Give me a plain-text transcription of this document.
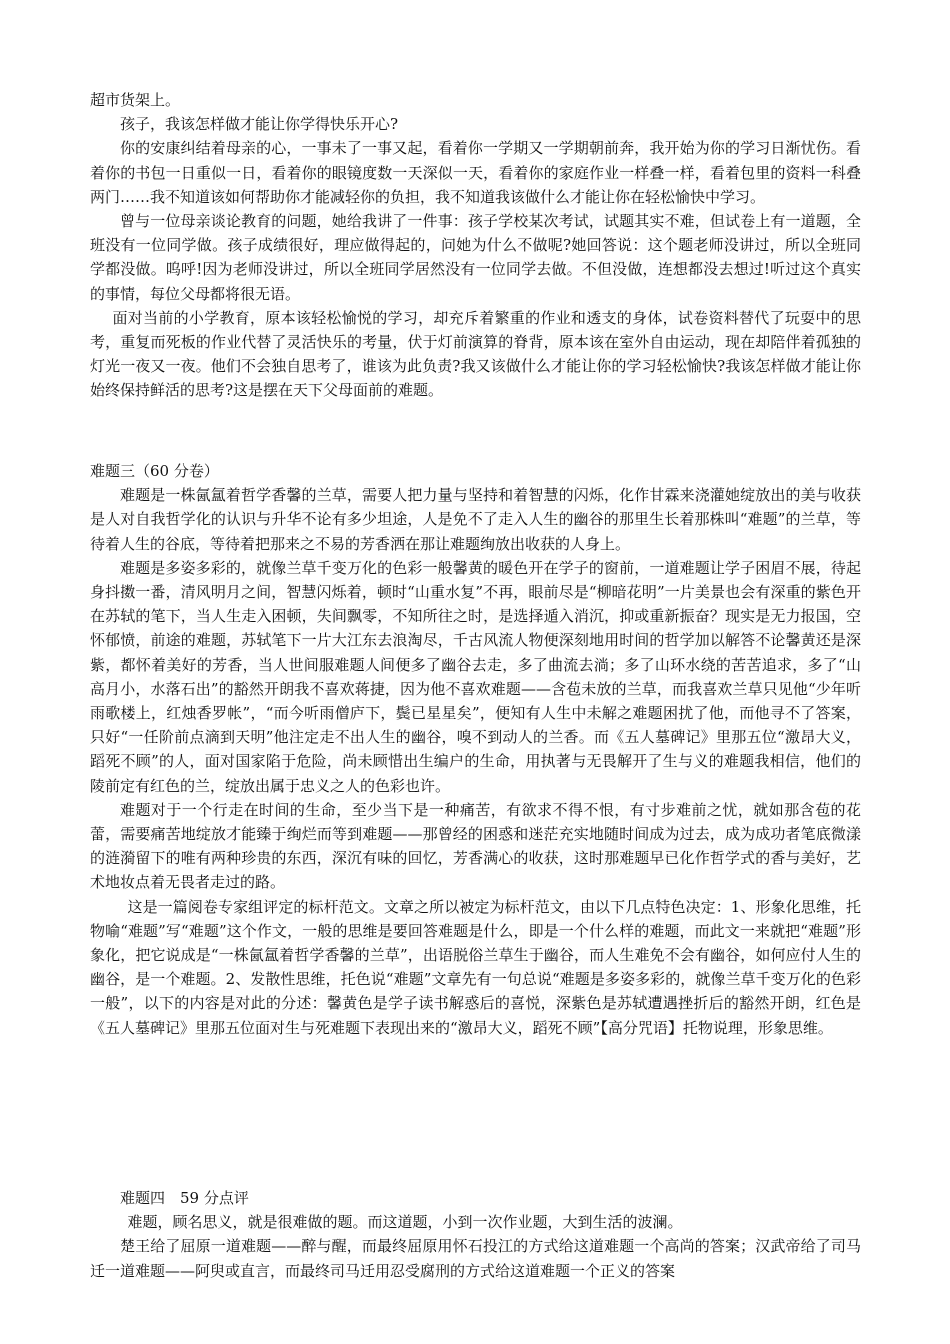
超市货架上。

孩子，我该怎样做才能让你学得快乐开心?

你的安康纠结着母亲的心，一事未了一事又起，看着你一学期又一学期朝前奔，我开始为你的学习日渐忧伤。看着你的书包一日重似一日，看着你的眼镜度数一天深似一天，看着你的家庭作业一样叠一样，看着包里的资料一科叠两门……我不知道该如何帮助你才能减轻你的负担，我不知道我该做什么才能让你在轻松愉快中学习。

曾与一位母亲谈论教育的问题，她给我讲了一件事：孩子学校某次考试，试题其实不难，但试卷上有一道题，全班没有一位同学做。孩子成绩很好，理应做得起的，问她为什么不做呢?她回答说：这个题老师没讲过，所以全班同学都没做。呜呼!因为老师没讲过，所以全班同学居然没有一位同学去做。不但没做，连想都没去想过!听过这个真实的事情，每位父母都将很无语。

面对当前的小学教育，原本该轻松愉悦的学习，却充斥着繁重的作业和透支的身体，试卷资料替代了玩耍中的思考，重复而死板的作业代替了灵活快乐的考量，伏于灯前演算的脊背，原本该在室外自由运动，现在却陪伴着孤独的灯光一夜又一夜。他们不会独自思考了，谁该为此负责?我又该做什么才能让你的学习轻松愉快?我该怎样做才能让你始终保持鲜活的思考?这是摆在天下父母面前的难题。

难题三（60 分卷）

难题是一株氤氲着哲学香馨的兰草，需要人把力量与坚持和着智慧的闪烁，化作甘霖来浇灌她绽放出的美与收获是人对自我哲学化的认识与升华不论有多少坦途，人是免不了走入人生的幽谷的那里生长着那株叫“难题”的兰草，等待着人生的谷底，等待着把那来之不易的芳香洒在那让难题绚放出收获的人身上。

难题是多姿多彩的，就像兰草千变万化的色彩一般馨黄的暖色开在学子的窗前，一道难题让学子困眉不展，待起身抖擞一番，清风明月之间，智慧闪烁着，顿时“山重水复”不再，眼前尽是“柳暗花明”一片美景也会有深重的紫色开在苏轼的笔下，当人生走入困顿，失间飘零，不知所往之时，是选择遁入消沉，抑或重新振奋？现实是无力报国，空怀郁愤，前途的难题，苏轼笔下一片大江东去浪淘尽，千古风流人物便深刻地用时间的哲学加以解答不论馨黄还是深紫，都怀着美好的芳香，当人世间服难题人间便多了幽谷去走，多了曲流去淌；多了山环水绕的苦苦追求，多了“山高月小，水落石出”的豁然开朗我不喜欢蒋捷，因为他不喜欢难题——含苞未放的兰草，而我喜欢兰草只见他“少年听雨歌楼上，红烛香罗帐”，“而今听雨僧庐下，鬓已星星矣”，便知有人生中未解之难题困扰了他，而他寻不了答案，只好“一任阶前点滴到天明”他注定走不出人生的幽谷，嗅不到动人的兰香。而《五人墓碑记》里那五位“激昂大义，蹈死不顾”的人，面对国家陷于危险，尚未顾惜出生编户的生命，用执著与无畏解开了生与义的难题我相信，他们的陵前定有红色的兰，绽放出属于忠义之人的色彩也许。

难题对于一个行走在时间的生命，至少当下是一种痛苦，有欲求不得不恨，有寸步难前之忧，就如那含苞的花蕾，需要痛苦地绽放才能臻于绚烂而等到难题——那曾经的困惑和迷茫充实地随时间成为过去，成为成功者笔底微漾的涟漪留下的唯有两种珍贵的东西，深沉有味的回忆，芳香满心的收获，这时那难题早已化作哲学式的香与美好，艺术地妆点着无畏者走过的路。

这是一篇阅卷专家组评定的标杆范文。文章之所以被定为标杆范文，由以下几点特色决定：1、形象化思维，托物喻“难题”写“难题”这个作文，一般的思维是要回答难题是什么，即是一个什么样的难题，而此文一来就把“难题”形象化，把它说成是“一株氤氲着哲学香馨的兰草”，出语脱俗兰草生于幽谷，而人生难免不会有幽谷，如何应付人生的幽谷，是一个难题。2、发散性思维，托色说“难题”文章先有一句总说“难题是多姿多彩的，就像兰草千变万化的色彩一般”，以下的内容是对此的分述：馨黄色是学子读书解惑后的喜悦，深紫色是苏轼遭遇挫折后的豁然开朗，红色是《五人墓碑记》里那五位面对生与死难题下表现出来的“激昂大义，蹈死不顾”【高分咒语】托物说理，形象思维。

难题四　59 分点评

难题，顾名思义，就是很难做的题。而这道题，小到一次作业题，大到生活的波澜。

楚王给了屈原一道难题——醉与醒，而最终屈原用怀石投江的方式给这道难题一个高尚的答案；汉武帝给了司马迁一道难题——阿臾或直言，而最终司马迁用忍受腐刑的方式给这道难题一个正义的答案
